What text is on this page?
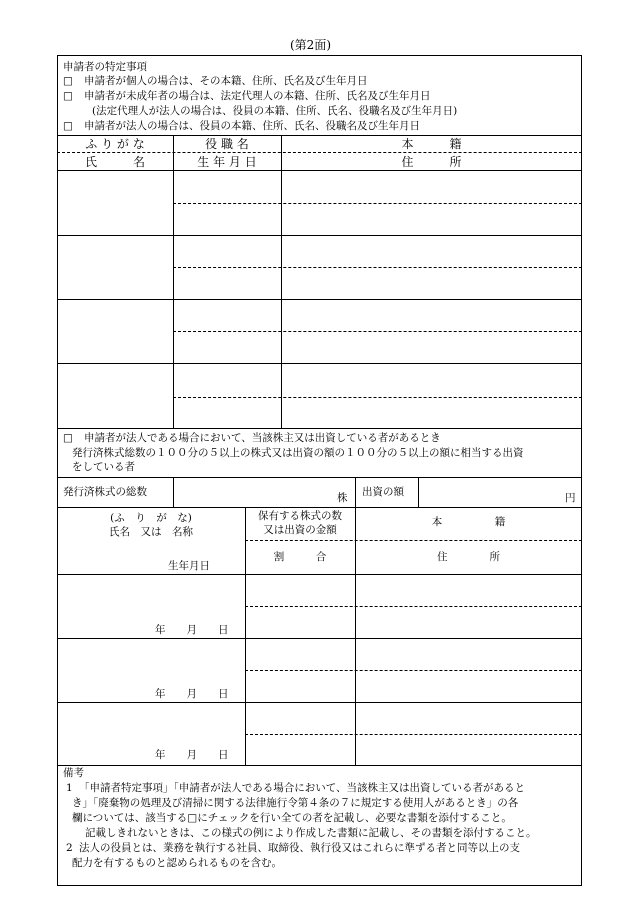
(第2面)
申請者の特定事項
□ 申請者が個人の場合は、その本籍、住所、氏名及び生年月日
□ 申請者が未成年者の場合は、法定代理人の本籍、住所、氏名及び生年月日
(法定代理人が法人の場合は、役員の本籍、住所、氏名、役職名及び生年月日)
□ 申請者が法人の場合は、役員の本籍、住所、氏名、役職名及び生年月日
ふ り が な
氏　　　名
役 職 名
生 年 月 日
本　　　籍
住　　　所
□ 申請者が法人である場合において、当該株主又は出資している者があるとき
発行済株式総数の１００分の５以上の株式又は出資の額の１００分の５以上の額に相当する出資
をしている者
発行済株式の総数	株 出資の額	円
(ふ　り　が　な)
氏名　又は　名称
生年月日
保有する株式の数
又は出資の金額
割　　　合
本　　　　　籍
住　　　　所
年　　月　　日
年　　月　　日
年　　月　　日
備考
1 「申請者特定事項」「申請者が法人である場合において、当該株主又は出資している者があると
き」「廃棄物の処理及び清掃に関する法律施行令第４条の７に規定する使用人があるとき」の各
欄については、該当する□にチェックを行い全ての者を記載し、必要な書類を添付すること。
記載しきれないときは、この様式の例により作成した書類に記載し、その書類を添付すること。
2 法人の役員とは、業務を執行する社員、取締役、執行役又はこれらに準ずる者と同等以上の支
配力を有するものと認められるものを含む。
